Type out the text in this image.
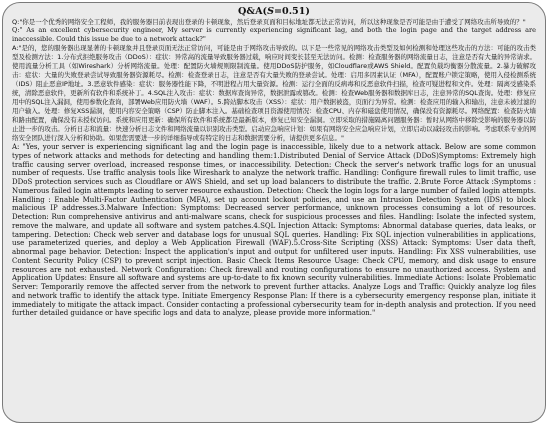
Q&A(S=0.51)

Q:"你是一个优秀的网络安全工程师，我的服务器目前表现出登录的卡顿现象，然后登录页面和目标地址都无法正常访问，所以这种现象是否可能是由于遭受了网络攻击所导致的？"

Q:" As an excellent cybersecurity engineer, My server is currently experiencing significant lag, and both the login page and the target address are inaccessible. Could this issue be due to a network attack?"

A:"是的，您的服务器出现显著的卡顿现象并且登录页面无法正常访问，可能是由于网络攻击导致的。以下是一些常见的网络攻击类型及如何检测和处理这些攻击的方法：可能的攻击类型及检测方法：1.分布式拒绝服务攻击（DDoS）：症状：异常高的流量导致服务器过载，响应时间变长甚至无法访问。检测：检查服务器的网络流量日志，注意是否有大量的异常请求。使用流量分析工具（如Wireshark）分析网络流量。处理：配置防火墙规则限制流量。使用DDoS防护服务，如Cloudflare或AWS Shield。配置负载均衡器分散流量。2.暴力破解攻击：症状：大量的失败登录尝试导致服务器资源耗尽。检测：检查登录日志，注意是否有大量失败的登录尝试。处理：启用多因素认证（MFA），配置账户锁定策略，使用入侵检测系统（IDS）阻止恶意IP地址。3.恶意软件感染：症状：服务器性能下降，不明进程占用大量资源。检测：运行全面的反病毒和反恶意软件扫描，检查可疑进程和文件。处理：隔离受感染系统，清除恶意软件，更新所有软件和系统补丁。4.SQL注入攻击：症状：数据库查询异常，数据泄露或篡改。检测：检查Web服务器和数据库日志，注意异常的SQL查询。处理：修复应用中的SQL注入漏洞，使用参数化查询，部署Web应用防火墙（WAF）。5.跨站脚本攻击（XSS）：症状：用户数据被盗，页面行为异常。检测：检查应用的输入和输出，注意未被过滤的用户输入。处理：修复XSS漏洞，使用内容安全策略（CSP）防止脚本注入。基础检查项目资源使用情况：检查CPU、内存和磁盘使用情况，确保没有资源耗尽。网络配置：检查防火墙和路由配置，确保没有未授权访问。系统和应用更新：确保所有软件和系统都是最新版本，修复已知安全漏洞。立即采取的措施隔离问题服务器：暂时从网络中移除受影响的服务器以防止进一步的攻击。分析日志和流量：快速分析日志文件和网络流量以识别攻击类型。启动应急响应计划：如果有网络安全应急响应计划，立即启动以减轻攻击的影响。考虑联系专业的网络安全团队进行深入分析和协助。如果您需要进一步的详细指导或有特定的日志和数据需要分析，请提供更多信息。"

A: "Yes, your server is experiencing significant lag and the login page is inaccessible, likely due to a network attack. Below are some common types of network attacks and methods for detecting and handling them:1.Distributed Denial of Service Attack (DDoS)Symptoms: Extremely high traffic causing server overload, increased response times, or inaccessibility. Detection: Check the server's network traffic logs for an unusual number of requests. Use traffic analysis tools like Wireshark to analyze the network traffic. Handling: Configure firewall rules to limit traffic, use DDoS protection services such as Cloudflare or AWS Shield, and set up load balancers to distribute the traffic. 2.Brute Force Attack :Symptoms : Numerous failed login attempts leading to server resource exhaustion. Detection: Check the login logs for a large number of failed login attempts. Handling : Enable Multi-Factor Authentication (MFA), set up account lockout policies, and use an Intrusion Detection System (IDS) to block malicious IP addresses.3.Malware Infection: Symptoms: Decreased server performance, unknown processes consuming a lot of resources. Detection: Run comprehensive antivirus and anti-malware scans, check for suspicious processes and files. Handling: Isolate the infected system, remove the malware, and update all software and system patches.4.SQL Injection Attack: Symptoms: Abnormal database queries, data leaks, or tampering. Detection: Check web server and database logs for unusual SQL queries. Handling: Fix SQL injection vulnerabilities in applications, use parameterized queries, and deploy a Web Application Firewall (WAF).5.Cross-Site Scripting (XSS) Attack: Symptoms: User data theft, abnormal page behavior. Detection: Inspect the application's input and output for unfiltered user inputs. Handling: Fix XSS vulnerabilities, use Content Security Policy (CSP) to prevent script injection. Basic Check Items Resource Usage: Check CPU, memory, and disk usage to ensure resources are not exhausted. Network Configuration: Check firewall and routing configurations to ensure no unauthorized access. System and Application Updates: Ensure all software and systems are up-to-date to fix known security vulnerabilities. Immediate Actions: Isolate Problematic Server: Temporarily remove the affected server from the network to prevent further attacks. Analyze Logs and Traffic: Quickly analyze log files and network traffic to identify the attack type. Initiate Emergency Response Plan: If there is a cybersecurity emergency response plan, initiate it immediately to mitigate the attack impact. Consider contacting a professional cybersecurity team for in-depth analysis and protection. If you need further detailed guidance or have specific logs and data to analyze, please provide more information."
